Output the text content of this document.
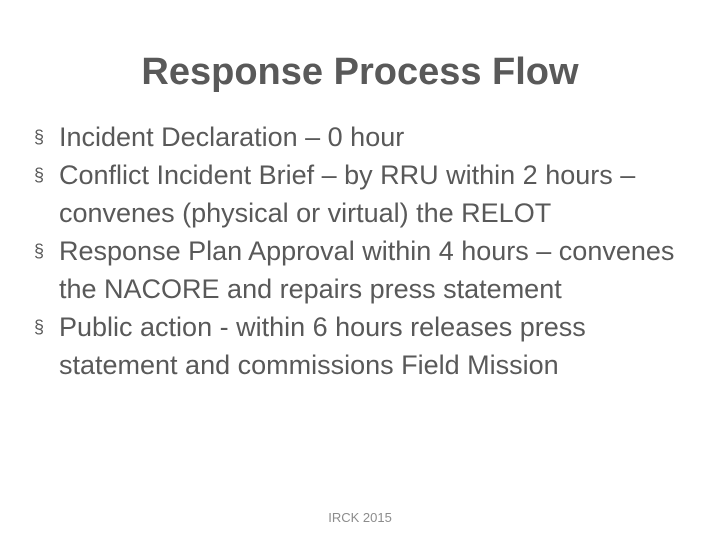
Response Process Flow
§ Incident Declaration – 0 hour
§ Conflict Incident Brief – by RRU within 2 hours – convenes (physical or virtual) the RELOT
§ Response Plan Approval within 4 hours – convenes the NACORE and repairs press statement
§ Public action - within 6 hours releases press statement and commissions Field Mission
IRCK 2015
